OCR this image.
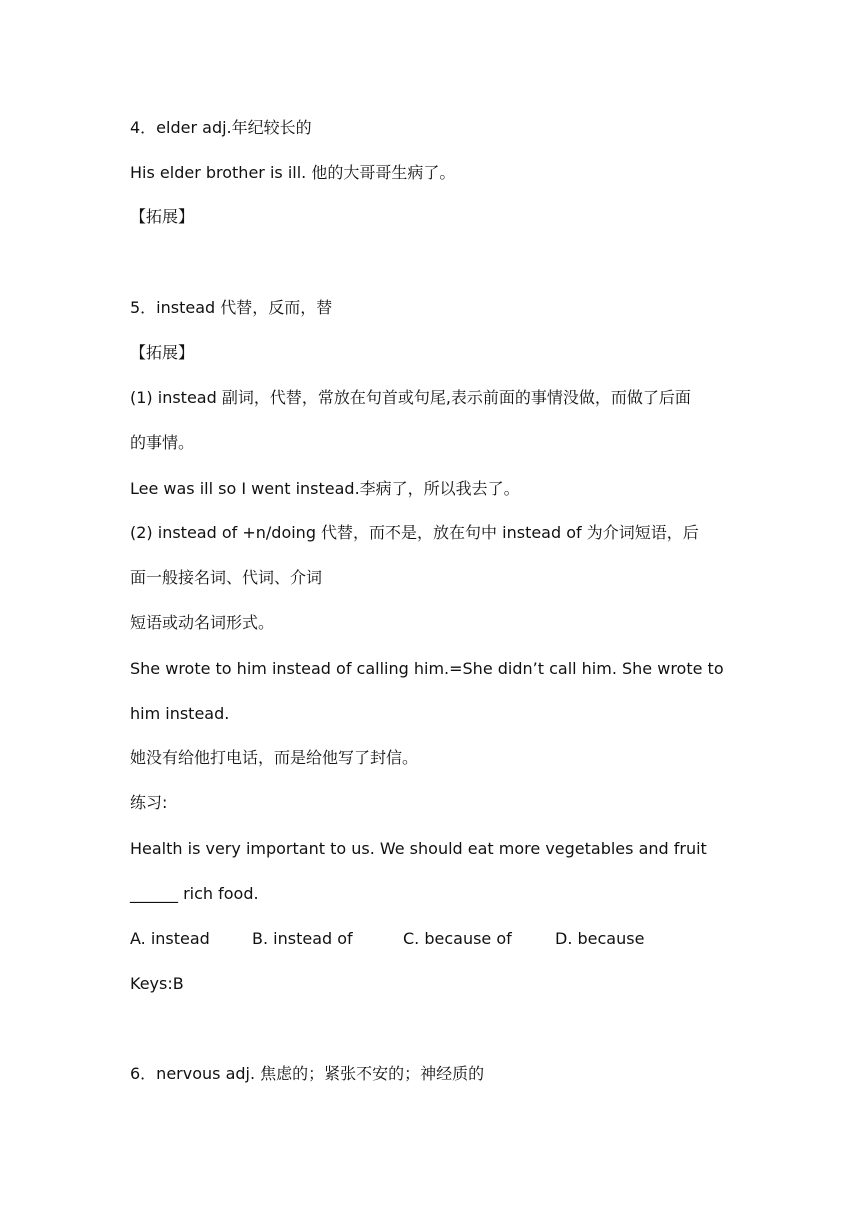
4．elder adj.年纪较长的
His elder brother is ill. 他的大哥哥生病了。
【拓展】
5．instead 代替，反而，替
【拓展】
(1) instead 副词，代替，常放在句首或句尾,表示前面的事情没做，而做了后面
的事情。
Lee was ill so I went instead.李病了，所以我去了。
(2) instead of +n/doing 代替，而不是，放在句中 instead of 为介词短语，后
面一般接名词、代词、介词
短语或动名词形式。
She wrote to him instead of calling him.=She didn’t call him. She wrote to
him instead.
她没有给他打电话，而是给他写了封信。
练习:
Health is very important to us. We should eat more vegetables and fruit
______ rich food.
A. instead	B. instead of	C. because of	D. because
Keys:B
6．nervous adj. 焦虑的；紧张不安的；神经质的
